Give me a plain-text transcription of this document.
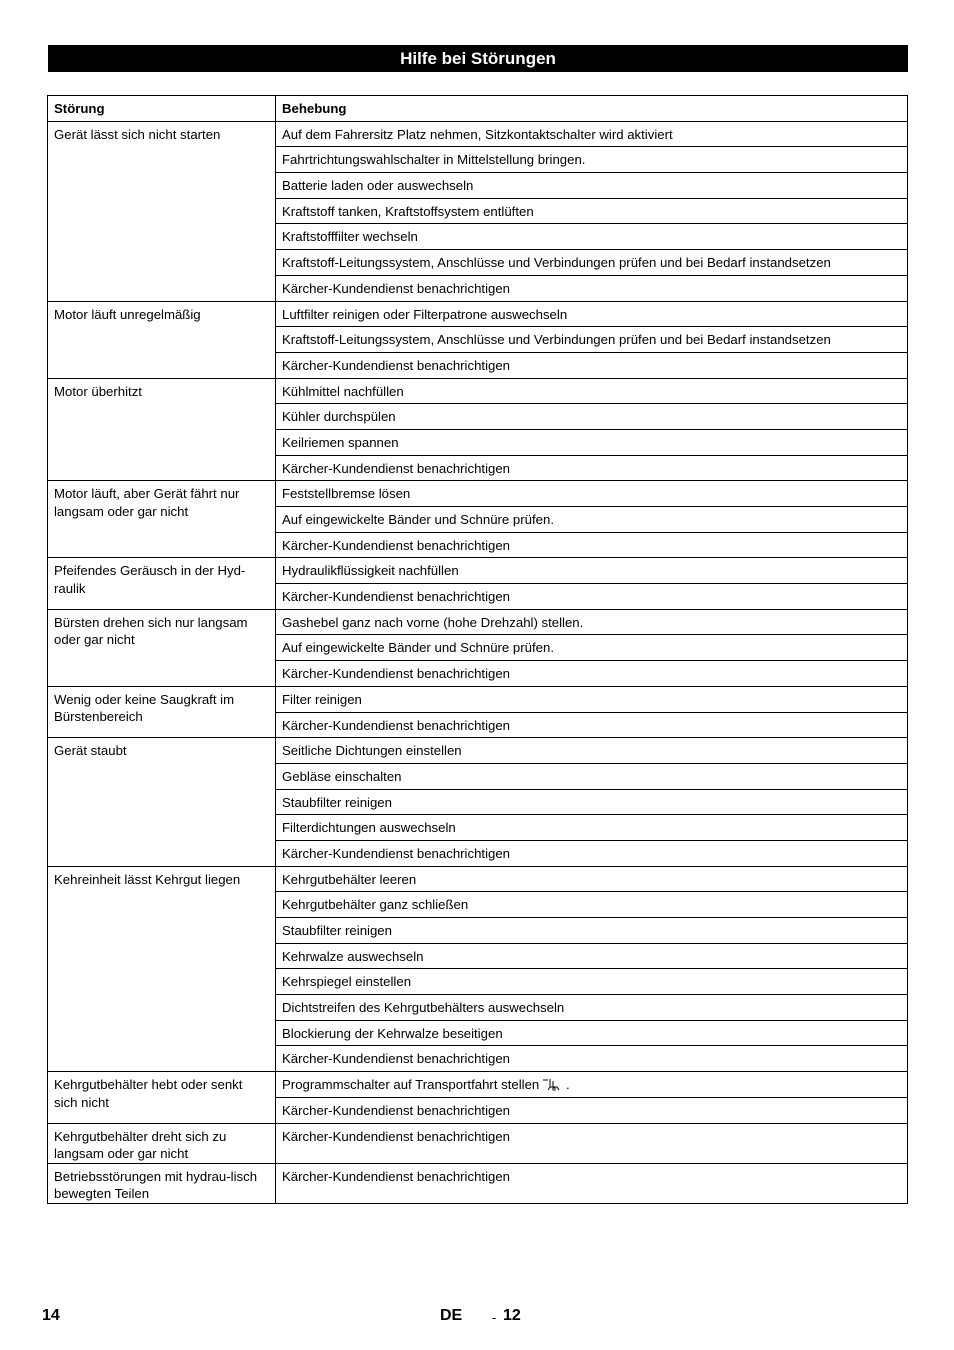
Hilfe bei Störungen
Störung	Behebung
Gerät lässt sich nicht starten	Auf dem Fahrersitz Platz nehmen, Sitzkontaktschalter wird aktiviert
	Fahrtrichtungswahlschalter in Mittelstellung bringen.
	Batterie laden oder auswechseln
	Kraftstoff tanken, Kraftstoffsystem entlüften
	Kraftstofffilter wechseln
	Kraftstoff-Leitungssystem, Anschlüsse und Verbindungen prüfen und bei Bedarf instandsetzen
	Kärcher-Kundendienst benachrichtigen
Motor läuft unregelmäßig	Luftfilter reinigen oder Filterpatrone auswechseln
	Kraftstoff-Leitungssystem, Anschlüsse und Verbindungen prüfen und bei Bedarf instandsetzen
	Kärcher-Kundendienst benachrichtigen
Motor überhitzt	Kühlmittel nachfüllen
	Kühler durchspülen
	Keilriemen spannen
	Kärcher-Kundendienst benachrichtigen
Motor läuft, aber Gerät fährt nur langsam oder gar nicht	Feststellbremse lösen
	Auf eingewickelte Bänder und Schnüre prüfen.
	Kärcher-Kundendienst benachrichtigen
Pfeifendes Geräusch in der Hyd-raulik	Hydraulikflüssigkeit nachfüllen
	Kärcher-Kundendienst benachrichtigen
Bürsten drehen sich nur langsam oder gar nicht	Gashebel ganz nach vorne (hohe Drehzahl) stellen.
	Auf eingewickelte Bänder und Schnüre prüfen.
	Kärcher-Kundendienst benachrichtigen
Wenig oder keine Saugkraft im Bürstenbereich	Filter reinigen
	Kärcher-Kundendienst benachrichtigen
Gerät staubt	Seitliche Dichtungen einstellen
	Gebläse einschalten
	Staubfilter reinigen
	Filterdichtungen auswechseln
	Kärcher-Kundendienst benachrichtigen
Kehreinheit lässt Kehrgut liegen	Kehrgutbehälter leeren
	Kehrgutbehälter ganz schließen
	Staubfilter reinigen
	Kehrwalze auswechseln
	Kehrspiegel einstellen
	Dichtstreifen des Kehrgutbehälters auswechseln
	Blockierung der Kehrwalze beseitigen
	Kärcher-Kundendienst benachrichtigen
Kehrgutbehälter hebt oder senkt sich nicht	Programmschalter auf Transportfahrt stellen .
	Kärcher-Kundendienst benachrichtigen
Kehrgutbehälter dreht sich zu langsam oder gar nicht	Kärcher-Kundendienst benachrichtigen
Betriebsstörungen mit hydrau-lisch bewegten Teilen	Kärcher-Kundendienst benachrichtigen
14	DE - 12
